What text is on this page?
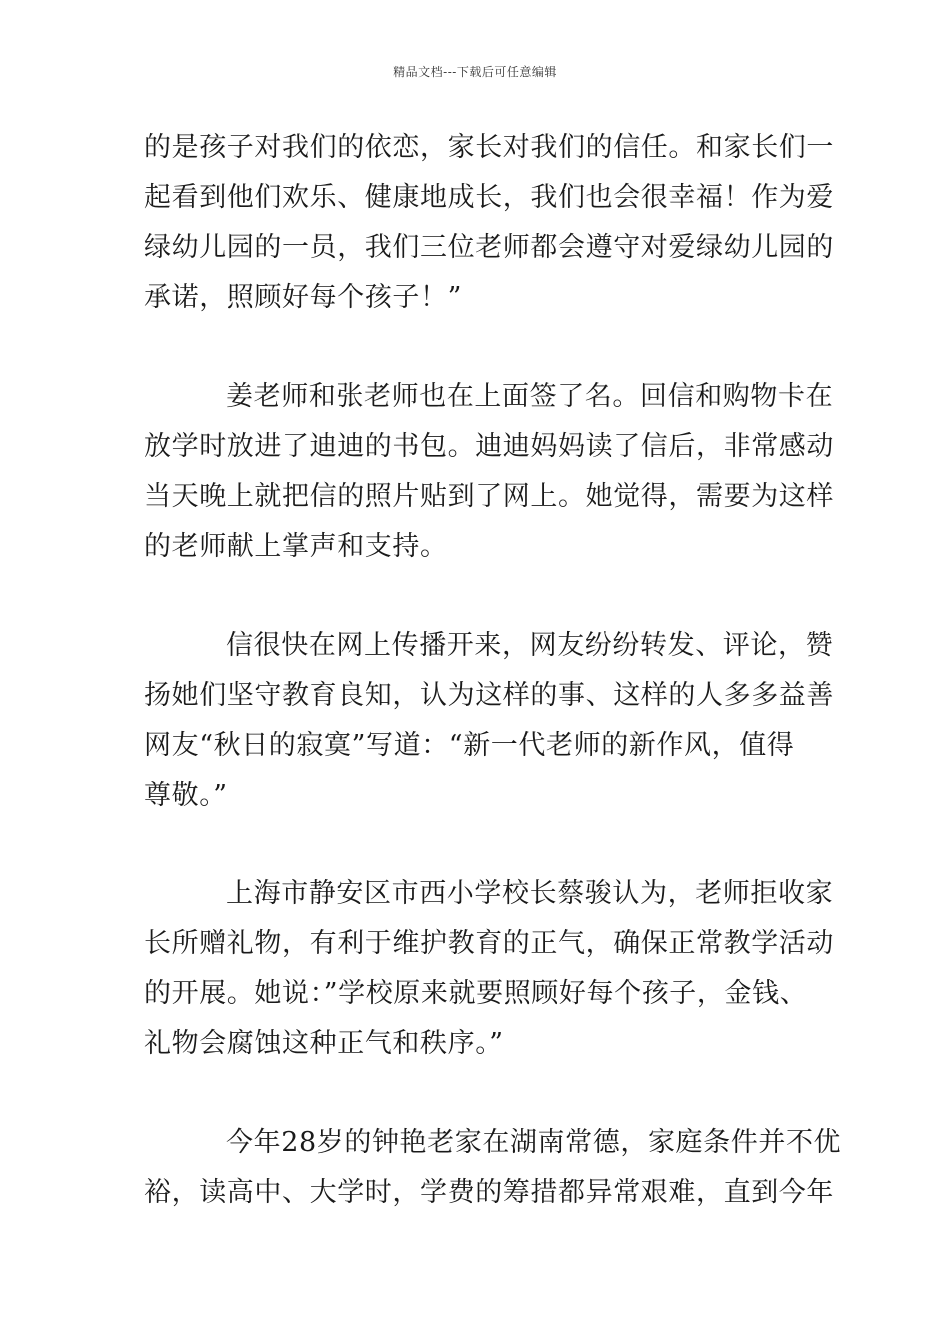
精品文档---下载后可任意编辑
的是孩子对我们的依恋，家长对我们的信任。和家长们一
起看到他们欢乐、健康地成长，我们也会很幸福！作为爱
绿幼儿园的一员，我们三位老师都会遵守对爱绿幼儿园的
承诺，照顾好每个孩子！”
姜老师和张老师也在上面签了名。回信和购物卡在
放学时放进了迪迪的书包。迪迪妈妈读了信后，非常感动
当天晚上就把信的照片贴到了网上。她觉得，需要为这样
的老师献上掌声和支持。
信很快在网上传播开来，网友纷纷转发、评论，赞
扬她们坚守教育良知，认为这样的事、这样的人多多益善
网友“秋日的寂寞”写道：“新一代老师的新作风，值得
尊敬。”
上海市静安区市西小学校长蔡骏认为，老师拒收家
长所赠礼物，有利于维护教育的正气，确保正常教学活动
的开展。她说：”学校原来就要照顾好每个孩子，金钱、
礼物会腐蚀这种正气和秩序。”
今年28岁的钟艳老家在湖南常德，家庭条件并不优
裕，读高中、大学时，学费的筹措都异常艰难，直到今年
